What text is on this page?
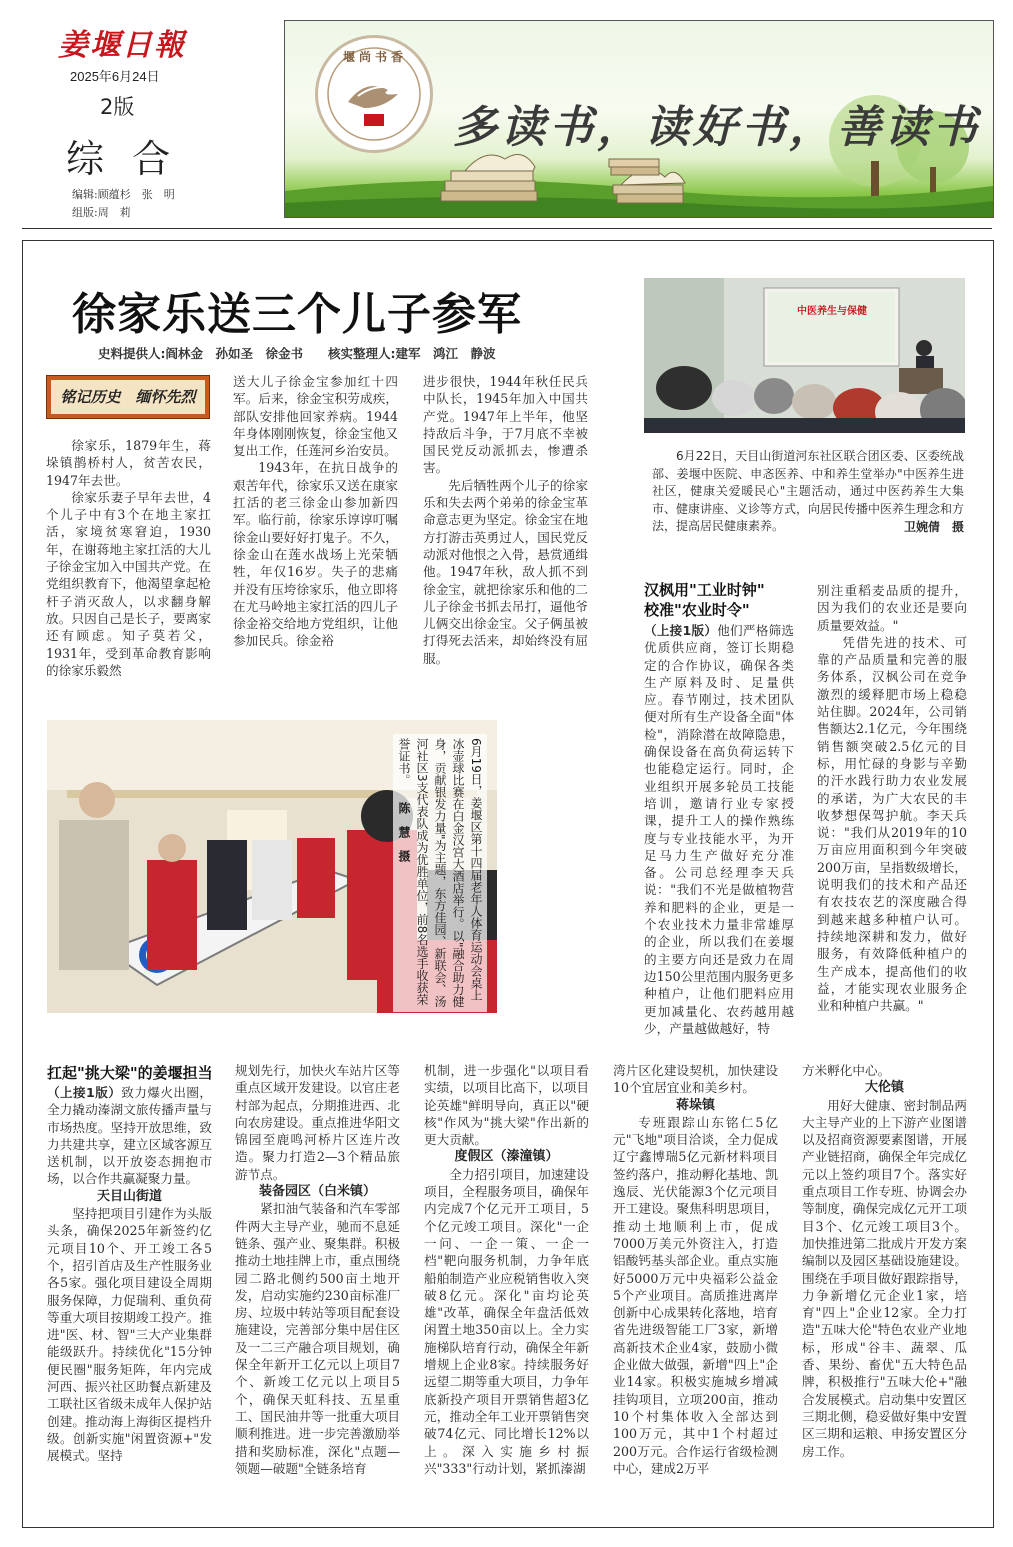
姜堰日報
2025年6月24日
2版
综 合
编辑:顾蕴杉　张　明
组版:周　莉
堰尚书香
多读书，读好书，善读书
徐家乐送三个儿子参军
史料提供人:阎林金　孙如圣　徐金书　　核实整理人:建军　鸿江　静波
铭记历史　缅怀先烈

徐家乐，1879年生，蒋垛镇鹊桥村人，贫苦农民，1947年去世。

徐家乐妻子早年去世，4个儿子中有3个在地主家扛活，家境贫寒窘迫，1930年，在谢蒋地主家扛活的大儿子徐金宝加入中国共产党。在党组织教育下，他渴望拿起枪杆子消灭敌人，以求翻身解放。只因自己是长子，要离家还有顾虑。知子莫若父，1931年，受到革命教育影响的徐家乐毅然

送大儿子徐金宝参加红十四军。后来，徐金宝积劳成疾，部队安排他回家养病。1944年身体刚刚恢复，徐金宝他又复出工作，任莲河乡治安员。

1943年，在抗日战争的艰苦年代，徐家乐又送在康家扛活的老三徐金山参加新四军。临行前，徐家乐谆谆叮嘱徐金山要好好打鬼子。不久，徐金山在莲水战场上光荣牺牲，年仅16岁。失子的悲痛并没有压垮徐家乐，他立即将在尤马岭地主家扛活的四儿子徐金裕交给地方党组织，让他参加民兵。徐金裕

进步很快，1944年秋任民兵中队长，1945年加入中国共产党。1947年上半年，他坚持敌后斗争，于7月底不幸被国民党反动派抓去，惨遭杀害。

先后牺牲两个儿子的徐家乐和失去两个弟弟的徐金宝革命意志更为坚定。徐金宝在地方打游击英勇过人，国民党反动派对他恨之入骨，悬赏通缉他。1947年秋，敌人抓不到徐金宝，就把徐家乐和他的二儿子徐金书抓去吊打，逼他爷儿俩交出徐金宝。父子俩虽被打得死去活来，却始终没有屈服。

中医养生与保健
6月22日，天目山街道河东社区联合团区委、区委统战部、姜堰中医院、申忞医养、中和养生堂举办"中医养生进社区，健康关爱暖民心"主题活动，通过中医药养生大集市、健康讲座、义诊等方式，向居民传播中医养生理念和方法，提高居民健康素养。	卫婉倩　摄
6月19日，姜堰区第十四届老年人体育运动会桌上冰壶球比赛在白金汉宫大酒店举行。以"融合助力健身，贡献银发力量"为主题，东方佳园、新联会、汤河社区3支代表队成为优胜单位，前8名选手收获荣誉证书。 陈　慧　摄
汉枫用"工业时钟"
校准"农业时令"

（上接1版）他们严格筛选优质供应商，签订长期稳定的合作协议，确保各类生产原料及时、足量供应。春节刚过，技术团队便对所有生产设备全面"体检"，消除潜在故障隐患，确保设备在高负荷运转下也能稳定运行。同时，企业组织开展多轮员工技能培训，邀请行业专家授课，提升工人的操作熟练度与专业技能水平，为开足马力生产做好充分准备。公司总经理李天兵说："我们不光是做植物营养和肥料的企业，更是一个农业技术力量非常雄厚的企业，所以我们在姜堰的主要方向还是致力在周边150公里范围内服务更多种植户，让他们肥料应用更加减量化、农药越用越少，产量越做越好，特

别注重稻麦品质的提升，因为我们的农业还是要向质量要效益。"

凭借先进的技术、可靠的产品质量和完善的服务体系，汉枫公司在竞争激烈的缓释肥市场上稳稳站住脚。2024年，公司销售额达2.1亿元，今年围绕销售额突破2.5亿元的目标，用忙碌的身影与辛勤的汗水践行助力农业发展的承诺，为广大农民的丰收梦想保驾护航。李天兵说："我们从2019年的10万亩应用面积到今年突破200万亩，呈指数级增长，说明我们的技术和产品还有农技农艺的深度融合得到越来越多种植户认可。持续地深耕和发力，做好服务，有效降低种植户的生产成本，提高他们的收益，才能实现农业服务企业和种植户共赢。"

扛起"挑大梁"的姜堰担当

（上接1版）致力爆火出圈，全力撬动溱湖文旅传播声量与市场热度。坚持开放思维，致力共建共享，建立区域客源互送机制，以开放姿态拥抱市场，以合作共赢凝聚力量。

天目山街道

坚持把项目引建作为头版头条，确保2025年新签约亿元项目10个、开工竣工各5个，招引首店及生产性服务业各5家。强化项目建设全周期服务保障，力促瑞利、重负荷等重大项目按期竣工投产。推进"医、材、智"三大产业集群能级跃升。持续优化"15分钟便民圈"服务矩阵，年内完成河西、振兴社区助餐点新建及工联社区省级未成年人保护站创建。推动海上海街区提档升级。创新实施"闲置资源+"发展模式。坚持

规划先行，加快火车站片区等重点区域开发建设。以官庄老村部为起点，分期推进西、北向农房建设。重点推进华阳文锦园至鹿鸣河桥片区连片改造。聚力打造2—3个精品旅游节点。

装备园区（白米镇）

紧扣油气装备和汽车零部件两大主导产业，驰而不息延链条、强产业、聚集群。积极推动土地挂牌上市，重点围绕园二路北侧约500亩土地开发，启动实施约230亩标准厂房、垃圾中转站等项目配套设施建设，完善部分集中居住区及一二三产融合项目规划，确保全年新开工亿元以上项目7个、新竣工亿元以上项目5个，确保天虹科技、五星重工、国民油井等一批重大项目顺利推进。进一步完善激励举措和奖励标准，深化"点题—领题—破题"全链条培育

机制，进一步强化"以项目看实绩，以项目比高下，以项目论英雄"鲜明导向，真正以"硬核"作风为"挑大梁"作出新的更大贡献。

度假区（溱潼镇）

全力招引项目，加速建设项目，全程服务项目，确保年内完成7个亿元开工项目，5个亿元竣工项目。深化"一企一问、一企一策、一企一档"靶向服务机制，力争年底船舶制造产业应税销售收入突破8亿元。深化"亩均论英雄"改革，确保全年盘活低效闲置土地350亩以上。全力实施梯队培育行动，确保全年新增规上企业8家。持续服务好远望二期等重大项目，力争年底新投产项目开票销售超3亿元，推动全年工业开票销售突破74亿元、同比增长12%以上。深入实施乡村振兴"333"行动计划，紧抓溱湖

湾片区化建设契机，加快建设10个宜居宜业和美乡村。

蒋垛镇

专班跟踪山东铭仁5亿元"飞地"项目洽谈，全力促成辽宁鑫博瑞5亿元新材料项目签约落户，推动孵化基地、凯逸辰、光伏能源3个亿元项目开工建设。聚焦科明思项目，推动土地顺利上市，促成7000万美元外资注入，打造铝酸钙基头部企业。重点实施好5000万元中央福彩公益金5个产业项目。高质推进离岸创新中心成果转化落地，培育省先进级智能工厂3家，新增高新技术企业4家，鼓励小微企业做大做强，新增"四上"企业14家。积极实施城乡增减挂钩项目，立项200亩，推动10个村集体收入全部达到100万元，其中1个村超过200万元。合作运行省级检测中心，建成2万平

方米孵化中心。

大伦镇

用好大健康、密封制品两大主导产业的上下游产业图谱以及招商资源要素图谱，开展产业链招商，确保全年完成亿元以上签约项目7个。落实好重点项目工作专班、协调会办等制度，确保完成亿元开工项目3个、亿元竣工项目3个。加快推进第二批成片开发方案编制以及园区基础设施建设。围绕在手项目做好跟踪指导，力争新增亿元企业1家，培育"四上"企业12家。全力打造"五味大伦"特色农业产业地标，形成"谷丰、蔬翠、瓜香、果纷、畜优"五大特色品牌，积极推行"五味大伦+"融合发展模式。启动集中安置区三期北侧，稳妥做好集中安置区三期和运粮、申扬安置区分房工作。
